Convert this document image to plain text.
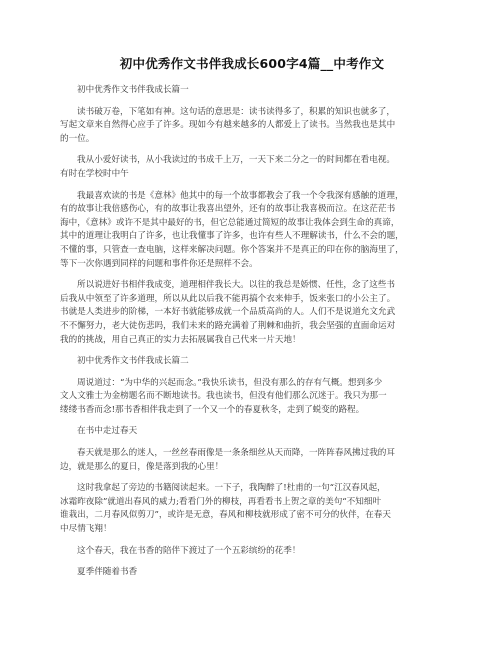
初中优秀作文书伴我成长600字4篇__中考作文
初中优秀作文书伴我成长篇一
读书破万卷，下笔如有神。这句话的意思是：读书读得多了，积累的知识也就多了，
写起文章来自然得心应手了许多。现如今有越来越多的人都爱上了读书。当然我也是其中
的一位。
我从小爱好读书，从小我读过的书成千上万，一天下来二分之一的时间都在看电视。
有时在学校时中午
我最喜欢读的书是《意林》他其中的每一个故事都教会了我一个令我深有感触的道理，
有的故事让我倍感伤心，有的故事让我喜出望外，还有的故事让我喜极而泣。在这茫茫书
海中，《意林》或许不是其中最好的书，但它总能通过简短的故事让我体会到生命的真谛，
其中的道理让我明白了许多，也让我懂事了许多，也许有些人不理解读书，什么不会的题，
不懂的事，只管查一查电脑，这样来解决问题。你个答案并不是真正的印在你的脑海里了，
等下一次你遇到同样的问题和事件你还是照样不会。
所以说进好书相伴我成变，道理相伴我长大。以往的我总是娇惯、任性，念了这些书
后我从中领至了许多道理，所以从此以后我不能再搞个衣来伸手，饭来张口的小公主了。
书就是人类进步的阶梯，一本好书就能够成就一个品质高尚的人。人们不是说道允文允武
不不懈努力，老大徒伤悲吗，我们未来的路充满着了荆棘和曲折，我会坚强的直面命运对
我的的挑战，用自己真正的实力去拓展属我自己代来一片天地！
初中优秀作文书伴我成长篇二
周说道过：“为中华的兴起而念。”我快乐读书，但没有那么的存有气概。想到多少
文人文雅士为金榜题名而不断地读书。我也读书，但没有他们那么沉迷于。我只为那一
缕缕书香而念!那书香相伴我走到了一个又一个的春夏秋冬，走到了蜕变的路程。
在书中走过春天
春天就是那么的迷人，一丝丝春雨像是一条条细丝从天而降，一阵阵春风拂过我的耳
边，就是那么的夏日，像是落到我的心里！
这时我拿起了旁边的书籍阅读起来。一下子，我陶醉了!杜甫的一句“江汉春风起，
冰霜昨夜除”就道出春风的威力;看看门外的柳枝，再看看书上贺之章的美句“不知细叶
谁栽出，二月春风似剪刀”，或许是无意，春风和柳枝就形成了密不可分的伙伴，在春天
中尽情飞翔！
这个春天，我在书香的陪伴下渡过了一个五彩缤纷的花季！
夏季伴随着书香
